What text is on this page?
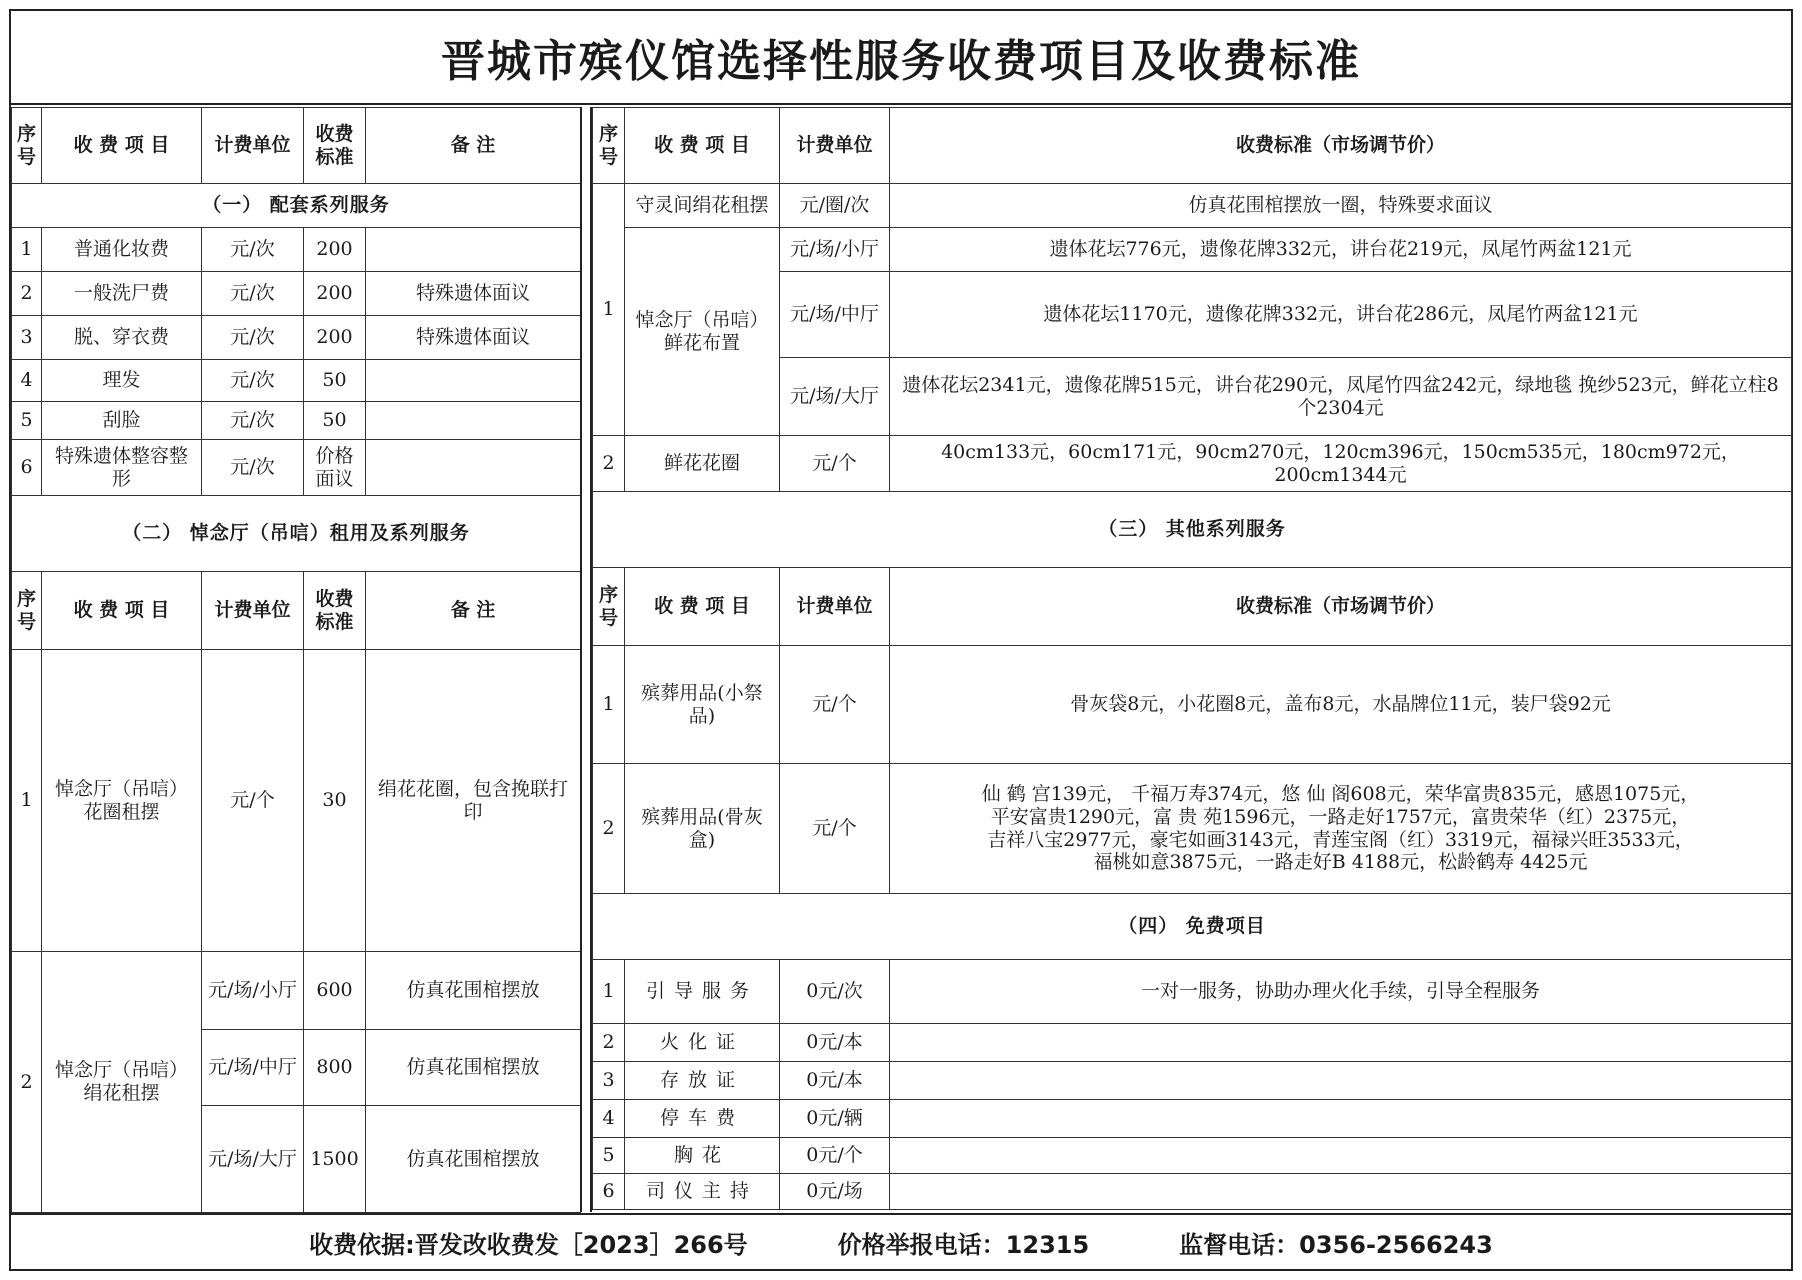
晋城市殡仪馆选择性服务收费项目及收费标准
序号	收 费 项 目	计费单位	收费标准	备 注
（一） 配套系列服务				
1	普通化妆费	元/次	200	
2	一般洗尸费	元/次	200	特殊遗体面议
3	脱、穿衣费	元/次	200	特殊遗体面议
4	理发	元/次	50	
5	刮脸	元/次	50	
6	特殊遗体整容整形	元/次	价格面议	
（二） 悼念厅（吊唁）租用及系列服务				
序号	收 费 项 目	计费单位	收费标准	备 注
1	悼念厅（吊唁）花圈租摆	元/个	30	绢花花圈，包含挽联打印
2	悼念厅（吊唁）绢花租摆	元/场/小厅	600	仿真花围棺摆放
		元/场/中厅	800	仿真花围棺摆放
		元/场/大厅	1500	仿真花围棺摆放
序号	收 费 项 目	计费单位	收费标准（市场调节价）
1	守灵间绢花租摆	元/圈/次	仿真花围棺摆放一圈，特殊要求面议
	悼念厅（吊唁）鲜花布置	元/场/小厅	遗体花坛776元，遗像花牌332元，讲台花219元，凤尾竹两盆121元
		元/场/中厅	遗体花坛1170元，遗像花牌332元，讲台花286元，凤尾竹两盆121元
		元/场/大厅	遗体花坛2341元，遗像花牌515元，讲台花290元，凤尾竹四盆242元，绿地毯 挽纱523元，鲜花立柱8个2304元
2	鲜花花圈	元/个	40cm133元，60cm171元，90cm270元，120cm396元，150cm535元，180cm972元，200cm1344元
（三） 其他系列服务			
序号	收 费 项 目	计费单位	收费标准（市场调节价）
1	殡葬用品(小祭品)	元/个	骨灰袋8元，小花圈8元，盖布8元，水晶牌位11元，装尸袋92元
2	殡葬用品(骨灰盒)	元/个	仙 鹤 宫139元， 千福万寿374元，悠 仙 阁608元，荣华富贵835元，感恩1075元，
平安富贵1290元，富 贵 苑1596元，一路走好1757元，富贵荣华（红）2375元，
吉祥八宝2977元，豪宅如画3143元，青莲宝阁（红）3319元，福禄兴旺3533元，
福桃如意3875元，一路走好B 4188元，松龄鹤寿 4425元

（四） 免费项目			
1	引导服务	0元/次	一对一服务，协助办理火化手续，引导全程服务
2	火化证	0元/本	
3	存放证	0元/本	
4	停车费	0元/辆	
5	胸花	0元/个	
6	司仪主持	0元/场	
收费依据:晋发改收费发［2023］266号	价格举报电话：12315	监督电话：0356-2566243
